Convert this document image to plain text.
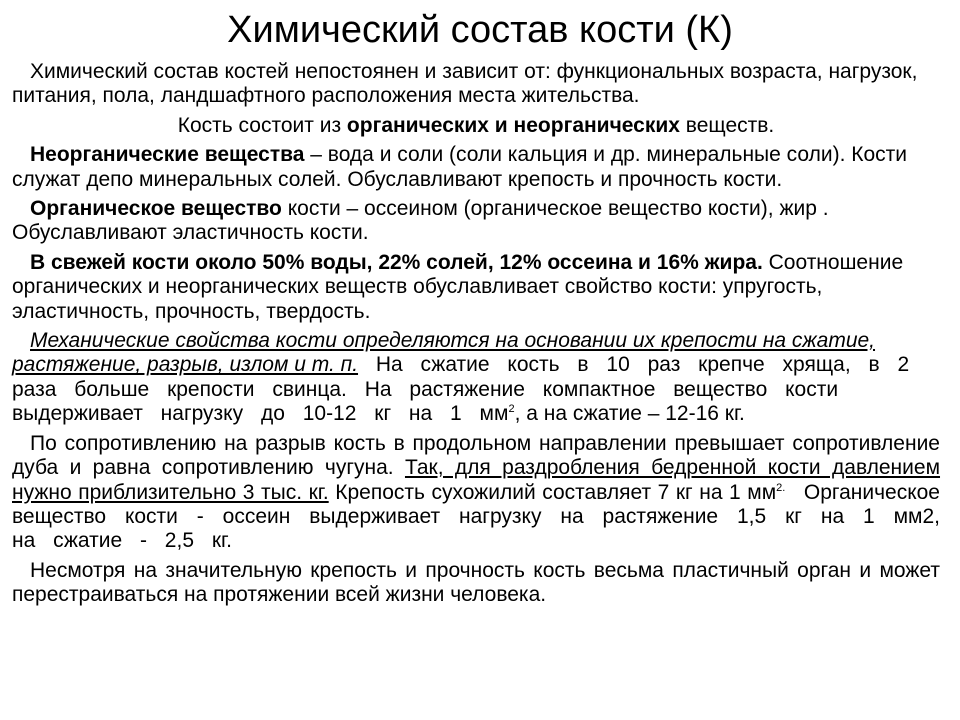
Химический состав кости (К)

Химический состав костей непостоянен и зависит от: функциональных возраста, нагрузок, питания, пола, ландшафтного расположения места жительства.

Кость состоит из органических и неорганических веществ.

Неорганические вещества – вода и соли (соли кальция и др. минеральные соли). Кости служат депо минеральных солей. Обуславливают крепость и прочность кости.

Органическое вещество кости – оссеином (органическое вещество кости), жир . Обуславливают эластичность кости.

В свежей кости около 50% воды, 22% солей, 12% оссеина и 16% жира. Соотношение органических и неорганических веществ обуславливает свойство кости: упругость, эластичность, прочность, твердость.

Механические свойства кости определяются на основании их крепости на сжатие, растяжение, разрыв, излом и т. п. На сжатие кость в 10 раз крепче хряща, в 2 раза больше крепости свинца. На растяжение компактное вещество кости выдерживает нагрузку до 10-12 кг на 1 $мм^2$, а на сжатие – 12-16 кг.

По сопротивлению на разрыв кость в продольном направлении превышает сопротивление дуба и равна сопротивлению чугуна. Так, для раздробления бедренной кости давлением нужно приблизительно 3 тыс. кг. Крепость сухожилий составляет 7 кг на 1 $мм^{2.}$ Органическое вещество кости - оссеин выдерживает нагрузку на растяжение 1,5 кг на 1 мм2, на сжатие - 2,5 кг.

Несмотря на значительную крепость и прочность кость весьма пластичный орган и может перестраиваться на протяжении всей жизни человека.
